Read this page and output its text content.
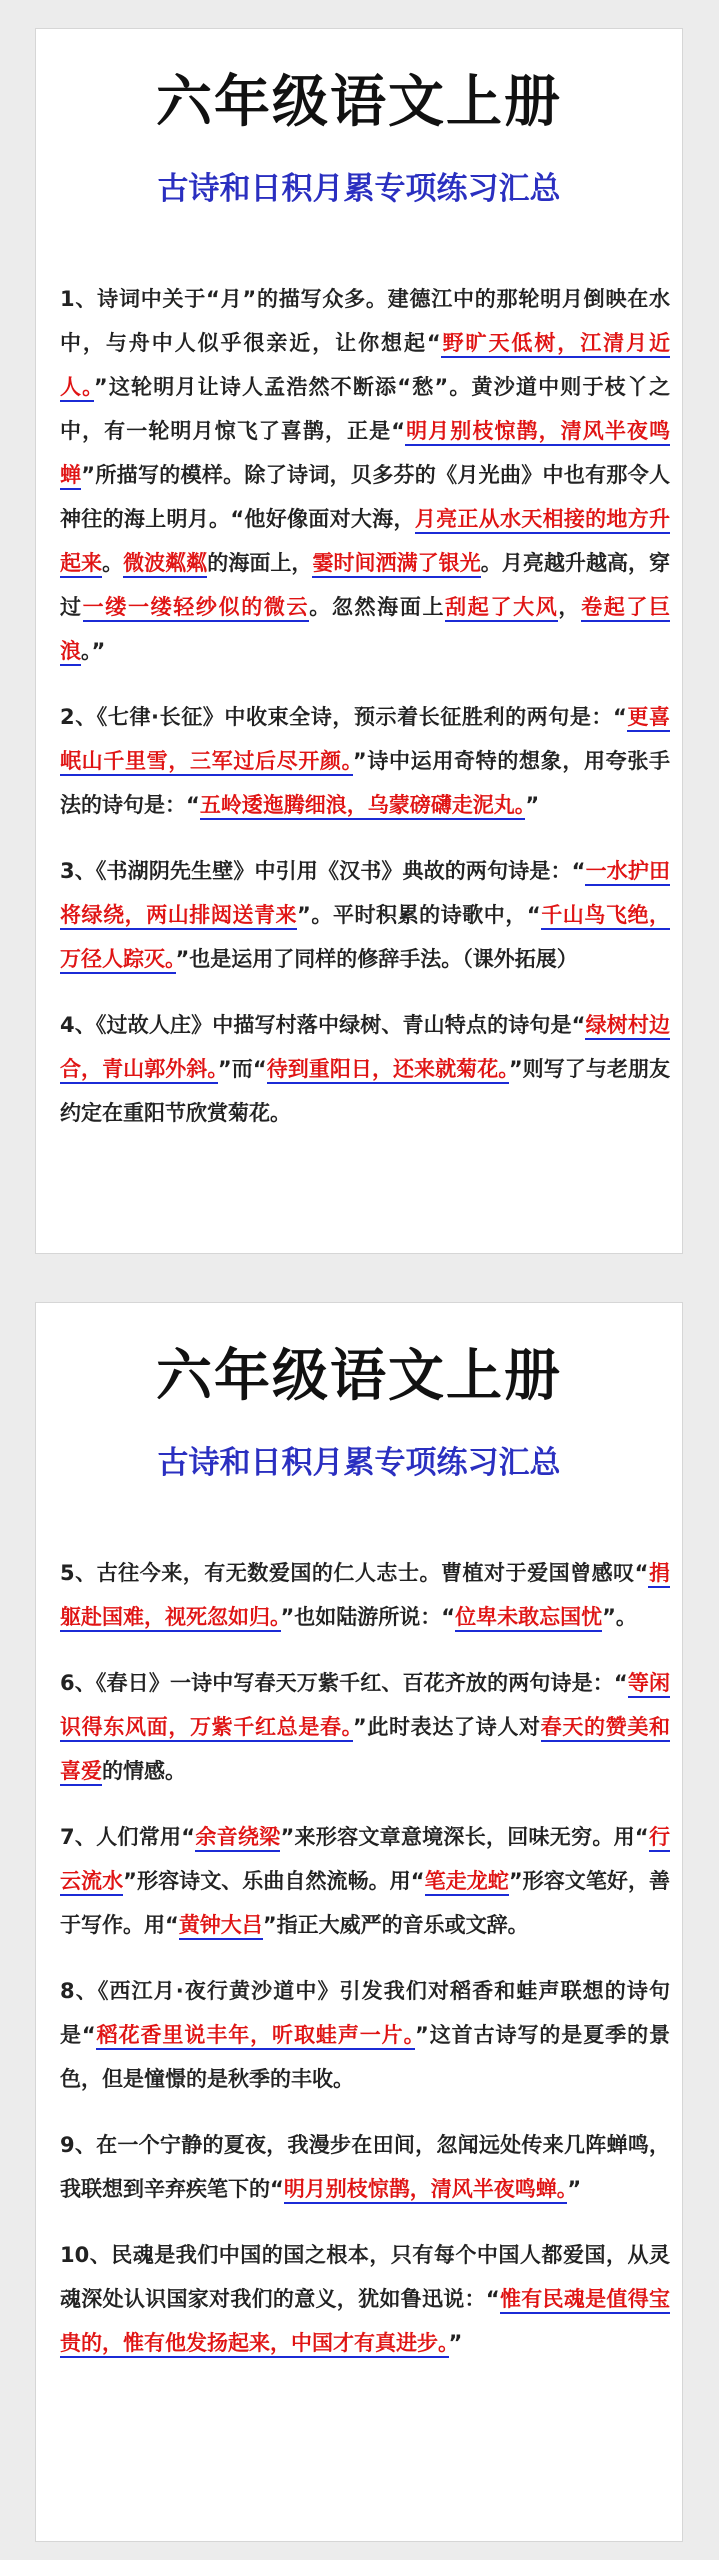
六年级语文上册
古诗和日积月累专项练习汇总
1、诗词中关于“月”的描写众多。建德江中的那轮明月倒映在水中，与舟中人似乎很亲近，让你想起“野旷天低树，江清月近人。”这轮明月让诗人孟浩然不断添“愁”。黄沙道中则于枝丫之中，有一轮明月惊飞了喜鹊，正是“明月别枝惊鹊，清风半夜鸣蝉”所描写的模样。除了诗词，贝多芬的《月光曲》中也有那令人神往的海上明月。“他好像面对大海，月亮正从水天相接的地方升起来。微波粼粼的海面上，霎时间洒满了银光。月亮越升越高，穿过一缕一缕轻纱似的微云。忽然海面上刮起了大风，卷起了巨浪。”
2、《七律·长征》中收束全诗，预示着长征胜利的两句是：“更喜岷山千里雪，三军过后尽开颜。”诗中运用奇特的想象，用夸张手法的诗句是：“五岭逶迤腾细浪，乌蒙磅礴走泥丸。”
3、《书湖阴先生壁》中引用《汉书》典故的两句诗是：“一水护田将绿绕，两山排闼送青来”。平时积累的诗歌中，“千山鸟飞绝，万径人踪灭。”也是运用了同样的修辞手法。（课外拓展）
4、《过故人庄》中描写村落中绿树、青山特点的诗句是“绿树村边合，青山郭外斜。”而“待到重阳日，还来就菊花。”则写了与老朋友约定在重阳节欣赏菊花。
六年级语文上册
古诗和日积月累专项练习汇总
5、古往今来，有无数爱国的仁人志士。曹植对于爱国曾感叹“捐躯赴国难，视死忽如归。”也如陆游所说：“位卑未敢忘国忧”。
6、《春日》一诗中写春天万紫千红、百花齐放的两句诗是：“等闲识得东风面，万紫千红总是春。”此时表达了诗人对春天的赞美和喜爱的情感。
7、人们常用“余音绕梁”来形容文章意境深长，回味无穷。用“行云流水”形容诗文、乐曲自然流畅。用“笔走龙蛇”形容文笔好，善于写作。用“黄钟大吕”指正大威严的音乐或文辞。
8、《西江月·夜行黄沙道中》引发我们对稻香和蛙声联想的诗句是“稻花香里说丰年，听取蛙声一片。”这首古诗写的是夏季的景色，但是憧憬的是秋季的丰收。
9、在一个宁静的夏夜，我漫步在田间，忽闻远处传来几阵蝉鸣，我联想到辛弃疾笔下的“明月别枝惊鹊，清风半夜鸣蝉。”
10、民魂是我们中国的国之根本，只有每个中国人都爱国，从灵魂深处认识国家对我们的意义，犹如鲁迅说：“惟有民魂是值得宝贵的，惟有他发扬起来，中国才有真进步。”
